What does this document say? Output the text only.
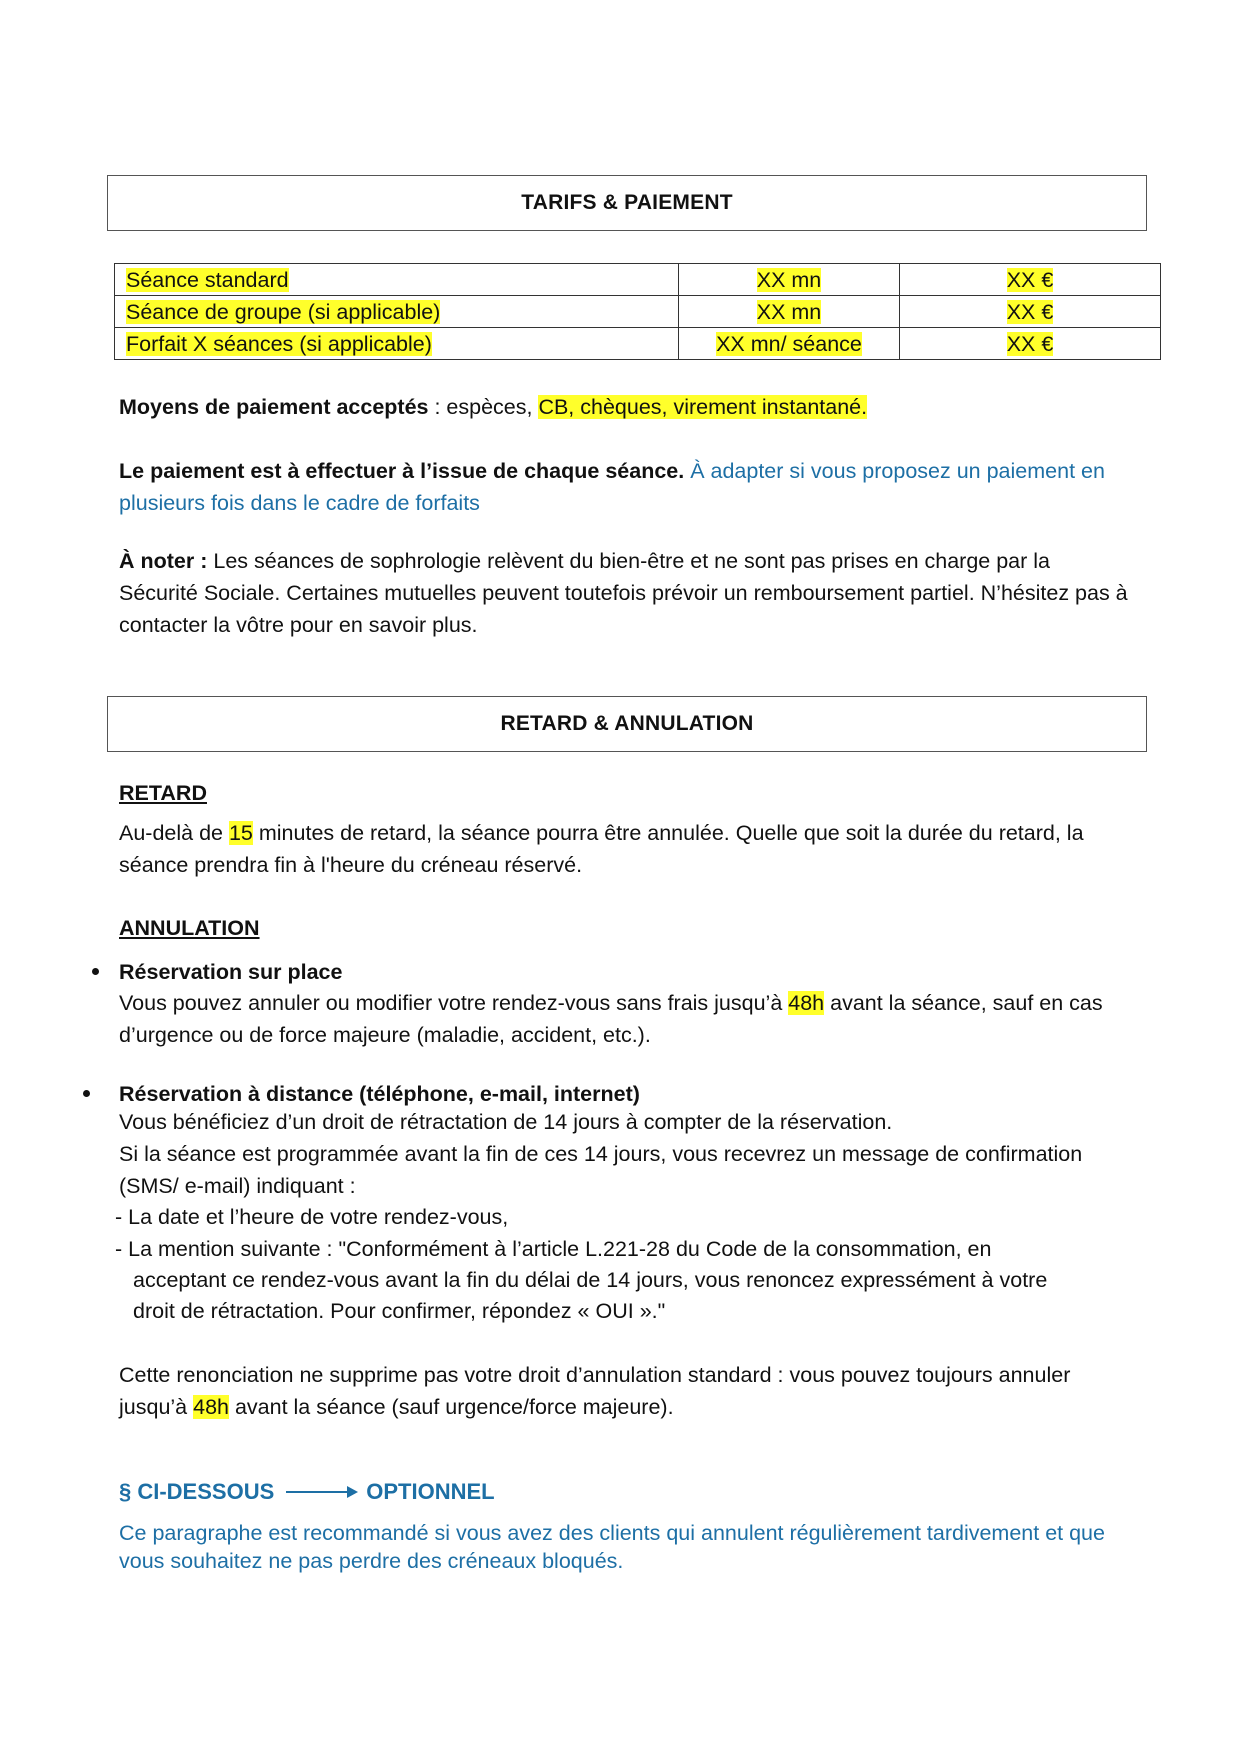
TARIFS & PAIEMENT
Séance standard	XX mn	XX €
Séance de groupe (si applicable)	XX mn	XX €
Forfait X séances (si applicable)	XX mn/ séance	XX €
Moyens de paiement acceptés : espèces, CB, chèques, virement instantané.
Le paiement est à effectuer à l’issue de chaque séance. À adapter si vous proposez un paiement en plusieurs fois dans le cadre de forfaits
À noter : Les séances de sophrologie relèvent du bien-être et ne sont pas prises en charge par la Sécurité Sociale. Certaines mutuelles peuvent toutefois prévoir un remboursement partiel. N’hésitez pas à contacter la vôtre pour en savoir plus.
RETARD & ANNULATION
RETARD
Au-delà de 15 minutes de retard, la séance pourra être annulée. Quelle que soit la durée du retard, la séance prendra fin à l'heure du créneau réservé.
ANNULATION
Réservation sur place
Vous pouvez annuler ou modifier votre rendez-vous sans frais jusqu’à 48h avant la séance, sauf en cas d’urgence ou de force majeure (maladie, accident, etc.).
Réservation à distance (téléphone, e-mail, internet)
Vous bénéficiez d’un droit de rétractation de 14 jours à compter de la réservation.
Si la séance est programmée avant la fin de ces 14 jours, vous recevrez un message de confirmation (SMS/ e-mail) indiquant :
- La date et l’heure de votre rendez-vous,
- La mention suivante : "Conformément à l’article L.221-28 du Code de la consommation, en
acceptant ce rendez-vous avant la fin du délai de 14 jours, vous renoncez expressément à votre
droit de rétractation. Pour confirmer, répondez « OUI »."
Cette renonciation ne supprime pas votre droit d’annulation standard : vous pouvez toujours annuler jusqu’à 48h avant la séance (sauf urgence/force majeure).
§ CI-DESSOUS	OPTIONNEL
Ce paragraphe est recommandé si vous avez des clients qui annulent régulièrement tardivement et que vous souhaitez ne pas perdre des créneaux bloqués.
